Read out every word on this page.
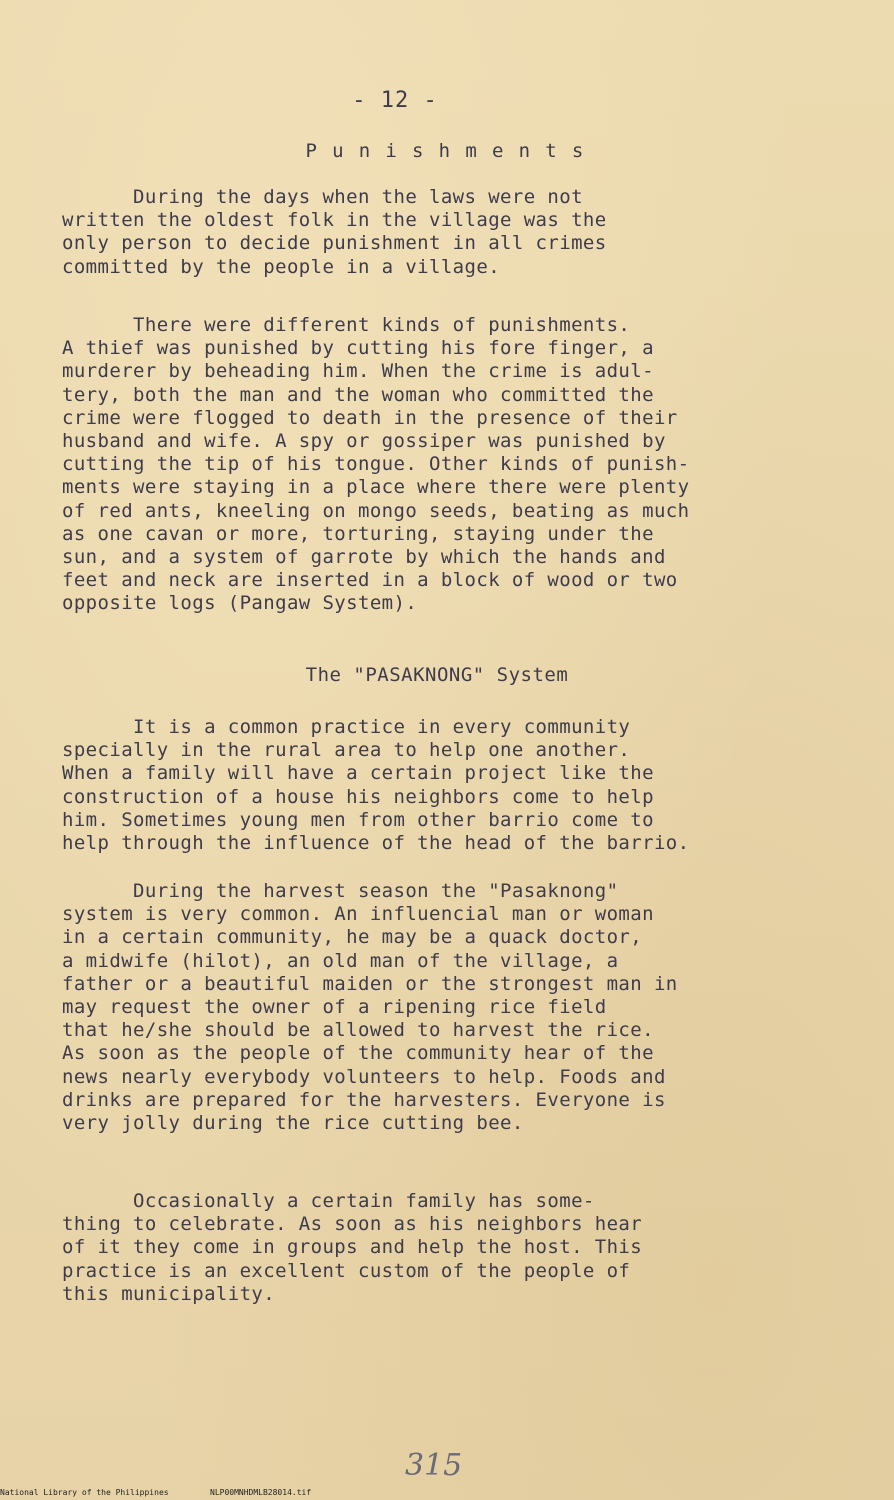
- 12 -
Punishments
During the days when the laws were not
written the oldest folk in the village was the
only person to decide punishment in all crimes
committed by the people in a village.
There were different kinds of punishments.
A thief was punished by cutting his fore finger, a
murderer by beheading him. When the crime is adul-
tery, both the man and the woman who committed the
crime were flogged to death in the presence of their
husband and wife. A spy or gossiper was punished by
cutting the tip of his tongue. Other kinds of punish-
ments were staying in a place where there were plenty
of red ants, kneeling on mongo seeds, beating as much
as one cavan or more, torturing, staying under the
sun, and a system of garrote by which the hands and
feet and neck are inserted in a block of wood or two
opposite logs (Pangaw System).
The "PASAKNONG" System
It is a common practice in every community
specially in the rural area to help one another.
When a family will have a certain project like the
construction of a house his neighbors come to help
him. Sometimes young men from other barrio come to
help through the influence of the head of the barrio.
During the harvest season the "Pasaknong"
system is very common. An influencial man or woman
in a certain community, he may be a quack doctor,
a midwife (hilot), an old man of the village, a
father or a beautiful maiden or the strongest man in
may request the owner of a ripening rice field
that he/she should be allowed to harvest the rice.
As soon as the people of the community hear of the
news nearly everybody volunteers to help. Foods and
drinks are prepared for the harvesters. Everyone is
very jolly during the rice cutting bee.
Occasionally a certain family has some-
thing to celebrate. As soon as his neighbors hear
of it they come in groups and help the host. This
practice is an excellent custom of the people of
this municipality.
315
National Library of the Philippines	NLP00MNHDMLB28014.tif
